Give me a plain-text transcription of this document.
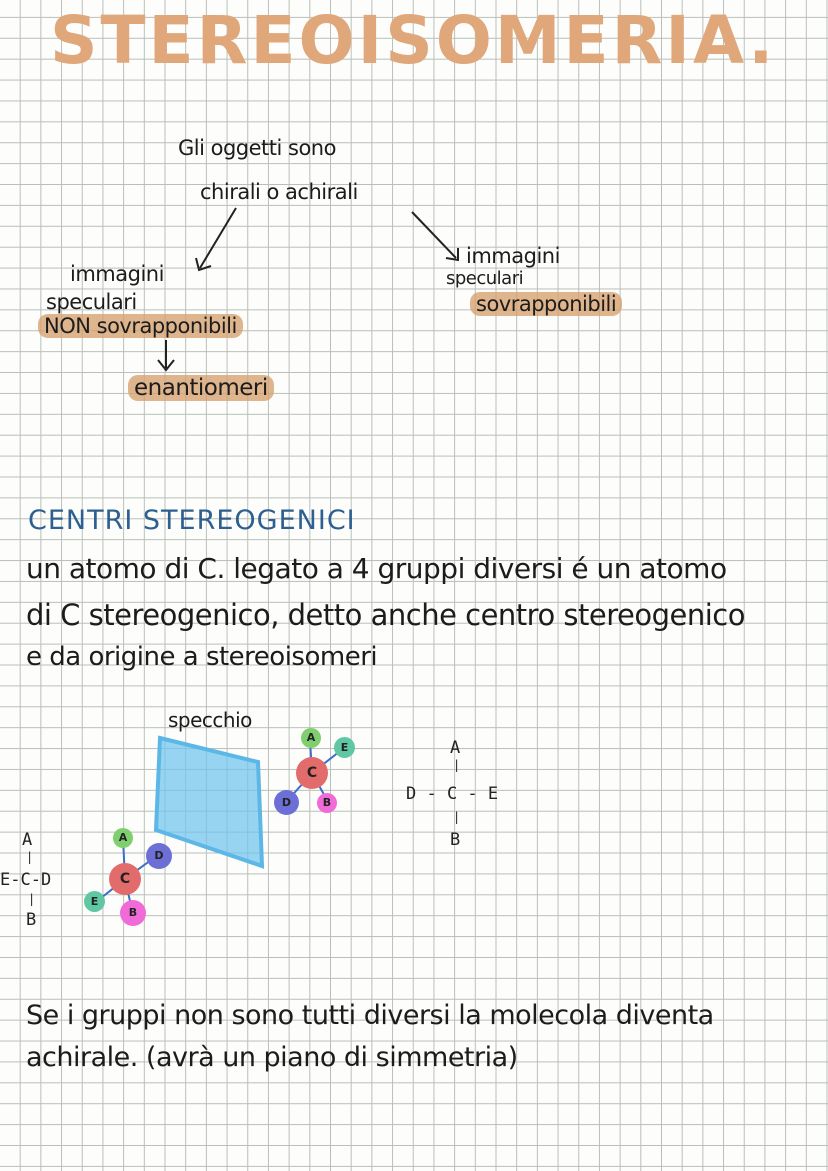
STEREOISOMERIA.
Gli oggetti sono
chirali o achirali
immagini
speculari
NON sovrapponibili
enantiomeri
immagini
speculari
sovrapponibili
CENTRI STEREOGENICI
un atomo di C. legato a 4 gruppi diversi é un atomo
di C stereogenico, detto anche centro stereogenico
e da origine a stereoisomeri
specchio
C
A
E
D	B
C
A
D
E
B
A
|
E-C-D
|
B
A
|
D - C - E
|
B
Se i gruppi non sono tutti diversi la molecola diventa
achirale. (avrà un piano di simmetria)
